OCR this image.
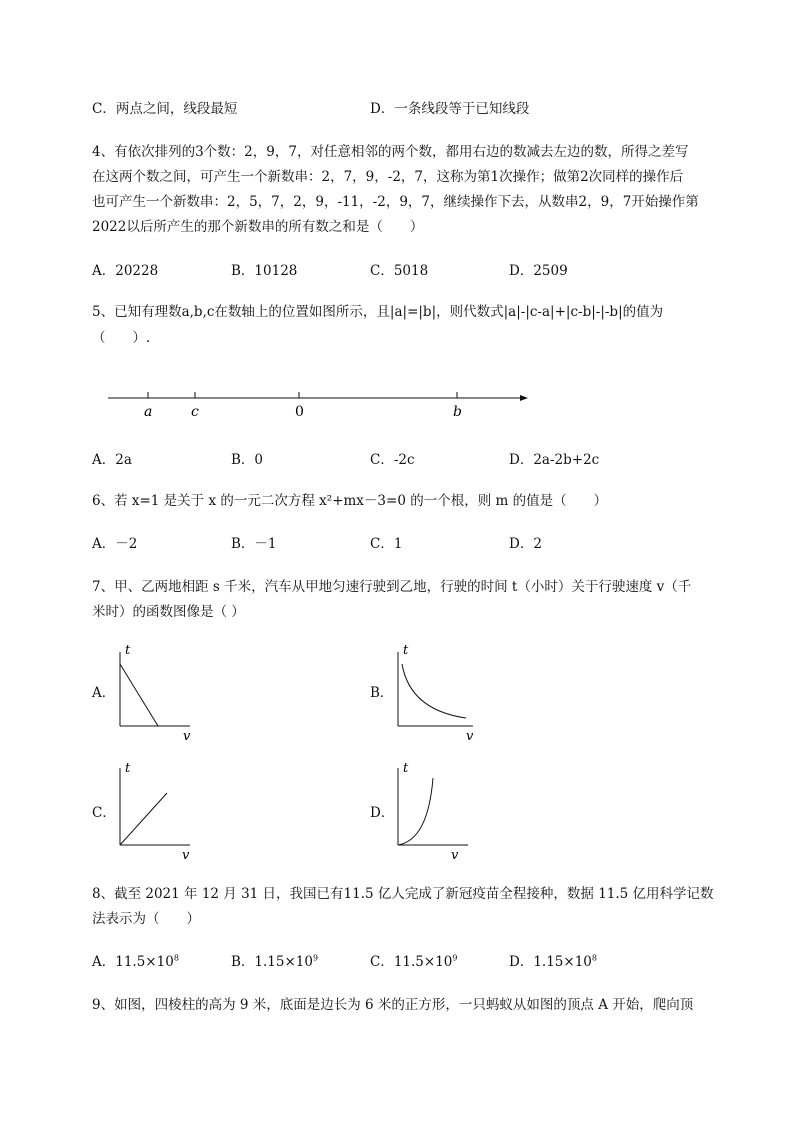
C．两点之间，线段最短	D．一条线段等于已知线段
4、有依次排列的3个数：2，9，7，对任意相邻的两个数，都用右边的数减去左边的数，所得之差写
在这两个数之间，可产生一个新数串：2，7，9，-2，7，这称为第1次操作；做第2次同样的操作后
也可产生一个新数串：2，5，7，2，9，-11，-2，9，7，继续操作下去，从数串2，9，7开始操作第
2022以后所产生的那个新数串的所有数之和是（　　）
A．20228	B．10128	C．5018	D．2509
5、已知有理数a,b,c在数轴上的位置如图所示，且|a|=|b|，则代数式|a|-|c-a|+|c-b|-|-b|的值为
（　　）.
a	c	0	b
A．2a	B．0	C．-2c	D．2a-2b+2c
6、若 x=1 是关于 x 的一元二次方程 x²+mx－3=0 的一个根，则 m 的值是（　　）
A．－2	B．－1	C．1	D．2
7、甲、乙两地相距 s 千米，汽车从甲地匀速行驶到乙地，行驶的时间 t（小时）关于行驶速度 v（千
米时）的函数图像是（ ）
A．	B．
C．	D．
t
v
t
v
t
v
t
v
8、截至 2021 年 12 月 31 日，我国已有11.5 亿人完成了新冠疫苗全程接种，数据 11.5 亿用科学记数
法表示为（　　）
A．$11.5\times 10^8$	B．$1.15\times 10^9$	C．$11.5\times 10^9$	D．$1.15\times 10^8$
9、如图，四棱柱的高为 9 米，底面是边长为 6 米的正方形，一只蚂蚁从如图的顶点 A 开始，爬向顶
